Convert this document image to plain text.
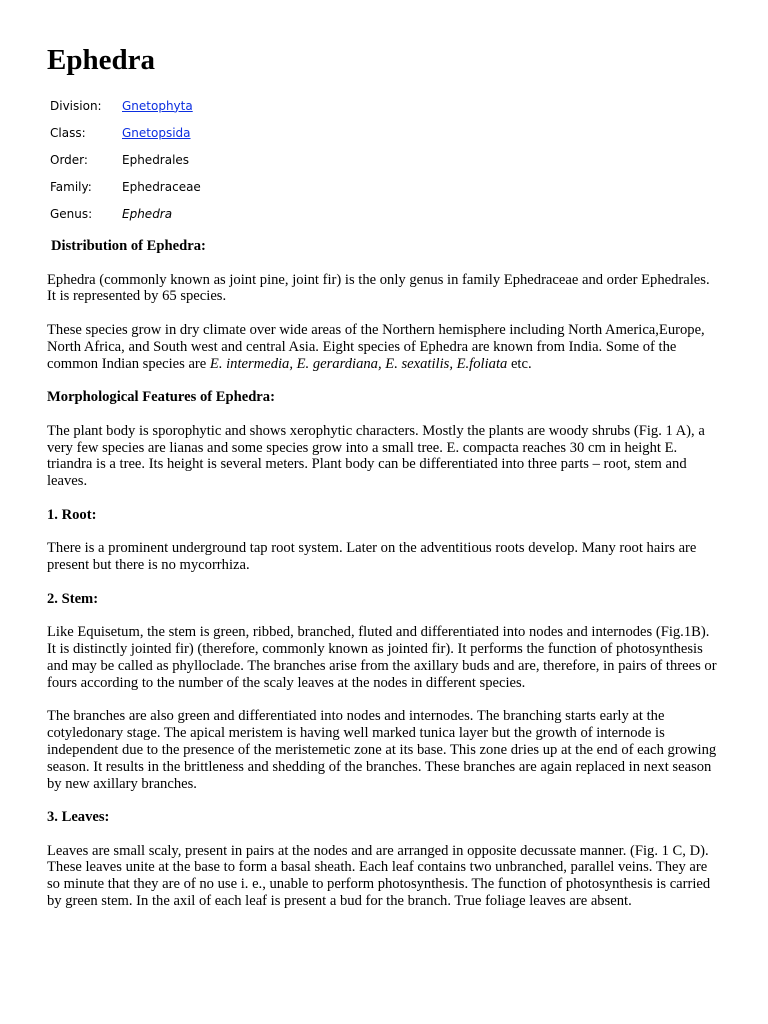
Ephedra
Division:	Gnetophyta
Class:	Gnetopsida
Order:	Ephedrales
Family:	Ephedraceae
Genus:	Ephedra
Distribution of Ephedra:

Ephedra (commonly known as joint pine, joint fir) is the only genus in family Ephedraceae and order Ephedrales. It is represented by 65 species.

These species grow in dry climate over wide areas of the Northern hemisphere including North America,Europe, North Africa, and South west and central Asia. Eight species of Ephedra are known from India. Some of the common Indian species are E. intermedia, E. gerardiana, E. sexatilis, E.foliata etc.

Morphological Features of Ephedra:

The plant body is sporophytic and shows xerophytic characters. Mostly the plants are woody shrubs (Fig. 1 A), a very few species are lianas and some species grow into a small tree. E. compacta reaches 30 cm in height E. triandra is a tree. Its height is several meters. Plant body can be differentiated into three parts – root, stem and leaves.

1. Root:

There is a prominent underground tap root system. Later on the adventitious roots develop. Many root hairs are present but there is no mycorrhiza.

2. Stem:

Like Equisetum, the stem is green, ribbed, branched, fluted and differentiated into nodes and internodes (Fig.1B). It is distinctly jointed fir) (therefore, commonly known as jointed fir). It performs the function of photosynthesis and may be called as phylloclade. The branches arise from the axillary buds and are, therefore, in pairs of threes or fours according to the number of the scaly leaves at the nodes in different species.

The branches are also green and differentiated into nodes and internodes. The branching starts early at the cotyledonary stage. The apical meristem is having well marked tunica layer but the growth of internode is independent due to the presence of the meristemetic zone at its base. This zone dries up at the end of each growing season. It results in the brittleness and shedding of the branches. These branches are again replaced in next season by new axillary branches.

3. Leaves:

Leaves are small scaly, present in pairs at the nodes and are arranged in opposite decussate manner. (Fig. 1 C, D). These leaves unite at the base to form a basal sheath. Each leaf contains two unbranched, parallel veins. They are so minute that they are of no use i. e., unable to perform photosynthesis. The function of photosynthesis is carried by green stem. In the axil of each leaf is present a bud for the branch. True foliage leaves are absent.
